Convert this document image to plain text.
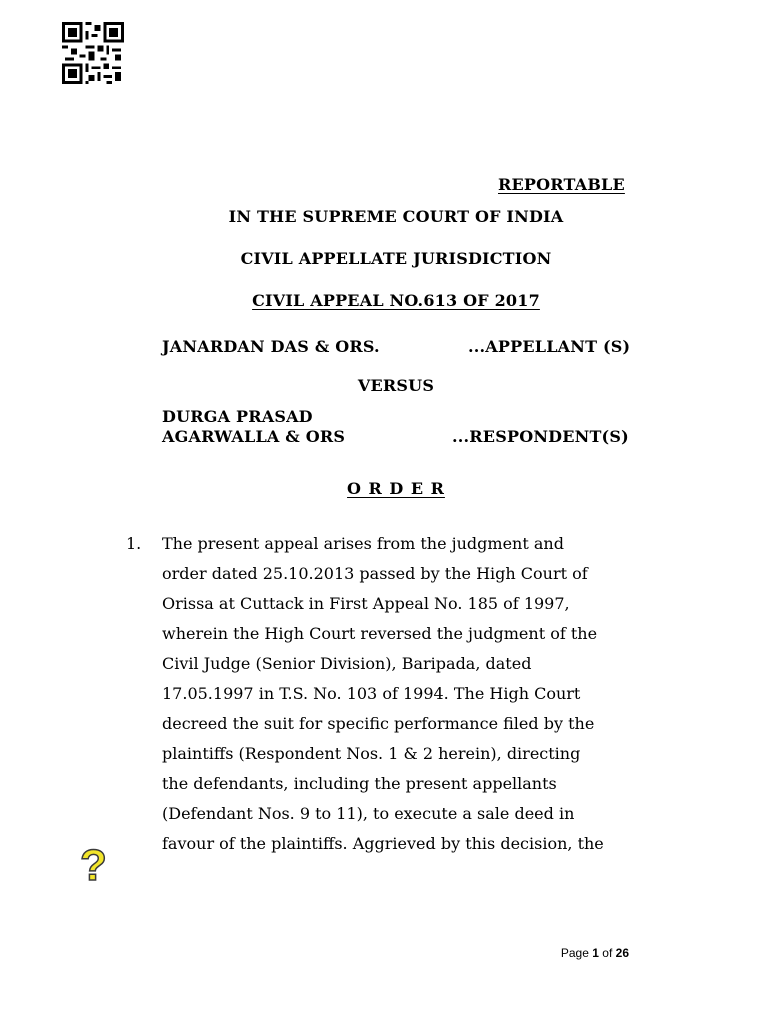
REPORTABLE
IN THE SUPREME COURT OF INDIA
CIVIL APPELLATE JURISDICTION
CIVIL APPEAL NO.613 OF 2017
JANARDAN DAS & ORS.	...APPELLANT (S)
VERSUS
DURGA PRASAD
AGARWALLA & ORS	...RESPONDENT(S)
O R D E R
1. The present appeal arises from the judgment and
order dated 25.10.2013 passed by the High Court of
Orissa at Cuttack in First Appeal No. 185 of 1997,
wherein the High Court reversed the judgment of the
Civil Judge (Senior Division), Baripada, dated
17.05.1997 in T.S. No. 103 of 1994. The High Court
decreed the suit for specific performance filed by the
plaintiffs (Respondent Nos. 1 & 2 herein), directing
the defendants, including the present appellants
(Defendant Nos. 9 to 11), to execute a sale deed in
favour of the plaintiffs. Aggrieved by this decision, the
?
Page 1 of 26
